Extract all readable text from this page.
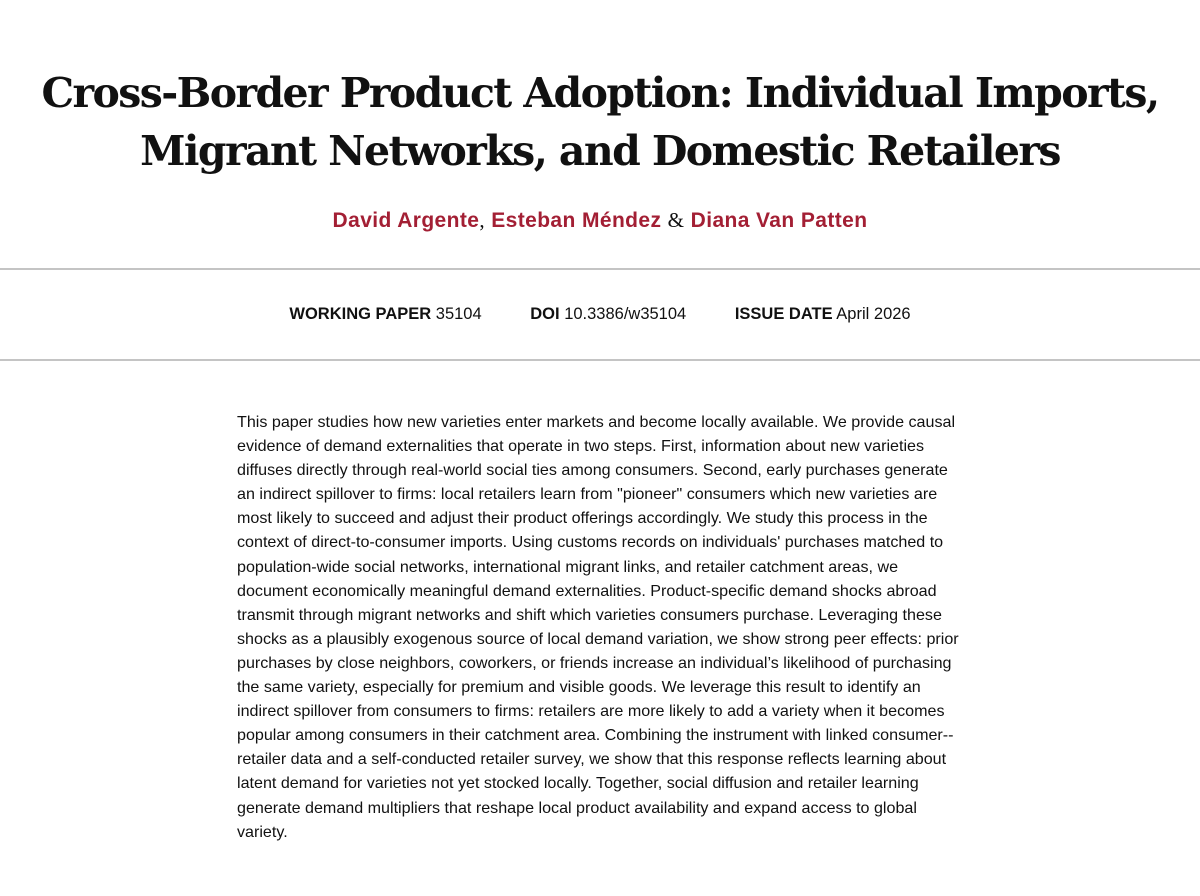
Cross-Border Product Adoption: Individual Imports,
Migrant Networks, and Domestic Retailers
David Argente, Esteban Méndez & Diana Van Patten
WORKING PAPER 35104	DOI 10.3386/w35104	ISSUE DATE April 2026

This paper studies how new varieties enter markets and become locally available. We provide causal evidence of demand externalities that operate in two steps. First, information about new varieties diffuses directly through real-world social ties among consumers. Second, early purchases generate an indirect spillover to firms: local retailers learn from "pioneer" consumers which new varieties are most likely to succeed and adjust their product offerings accordingly. We study this process in the context of direct-to-consumer imports. Using customs records on individuals' purchases matched to population-wide social networks, international migrant links, and retailer catchment areas, we document economically meaningful demand externalities. Product-specific demand shocks abroad transmit through migrant networks and shift which varieties consumers purchase. Leveraging these shocks as a plausibly exogenous source of local demand variation, we show strong peer effects: prior purchases by close neighbors, coworkers, or friends increase an individual’s likelihood of purchasing the same variety, especially for premium and visible goods. We leverage this result to identify an indirect spillover from consumers to firms: retailers are more likely to add a variety when it becomes popular among consumers in their catchment area. Combining the instrument with linked consumer--retailer data and a self-conducted retailer survey, we show that this response reflects learning about latent demand for varieties not yet stocked locally. Together, social diffusion and retailer learning generate demand multipliers that reshape local product availability and expand access to global variety.
